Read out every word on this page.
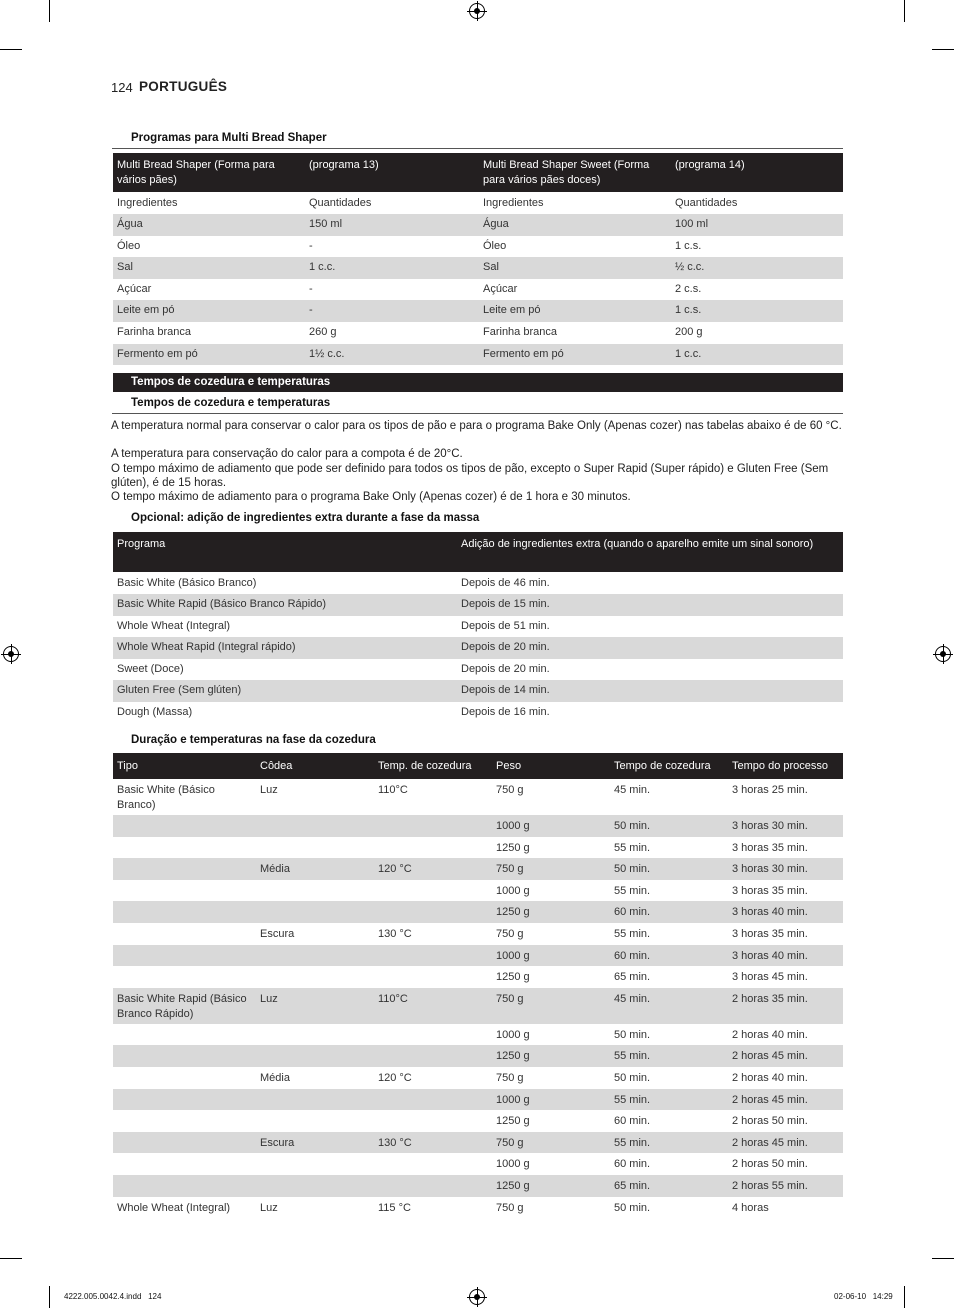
124 PORTUGUÊS
Programas para Multi Bread Shaper
Multi Bread Shaper (Forma para vários pães)	(programa 13)	Multi Bread Shaper Sweet (Forma para vários pães doces)	(programa 14)
Ingredientes	Quantidades	Ingredientes	Quantidades
Água	150 ml	Água	100 ml
Óleo	-	Óleo	1 c.s.
Sal	1 c.c.	Sal	½ c.c.
Açúcar	-	Açúcar	2 c.s.
Leite em pó	-	Leite em pó	1 c.s.
Farinha branca	260 g	Farinha branca	200 g
Fermento em pó	1½ c.c.	Fermento em pó	1 c.c.
Tempos de cozedura e temperaturas
Tempos de cozedura e temperaturas
A temperatura normal para conservar o calor para os tipos de pão e para o programa Bake Only (Apenas cozer) nas tabelas abaixo é de 60 °C.
A temperatura para conservação do calor para a compota é de 20°C.
O tempo máximo de adiamento que pode ser definido para todos os tipos de pão, excepto o Super Rapid (Super rápido) e Gluten Free (Sem glúten), é de 15 horas.
O tempo máximo de adiamento para o programa Bake Only (Apenas cozer) é de 1 hora e 30 minutos.
Opcional: adição de ingredientes extra durante a fase da massa
Programa	Adição de ingredientes extra (quando o aparelho emite um sinal sonoro)
Basic White (Básico Branco)	Depois de 46 min.
Basic White Rapid (Básico Branco Rápido)	Depois de 15 min.
Whole Wheat (Integral)	Depois de 51 min.
Whole Wheat Rapid (Integral rápido)	Depois de 20 min.
Sweet (Doce)	Depois de 20 min.
Gluten Free (Sem glúten)	Depois de 14 min.
Dough (Massa)	Depois de 16 min.
Duração e temperaturas na fase da cozedura
Tipo	Côdea	Temp. de cozedura	Peso	Tempo de cozedura	Tempo do processo
Basic White (Básico Branco)	Luz	110°C	750 g	45 min.	3 horas 25 min.
			1000 g	50 min.	3 horas 30 min.
			1250 g	55 min.	3 horas 35 min.
	Média	120 °C	750 g	50 min.	3 horas 30 min.
			1000 g	55 min.	3 horas 35 min.
			1250 g	60 min.	3 horas 40 min.
	Escura	130 °C	750 g	55 min.	3 horas 35 min.
			1000 g	60 min.	3 horas 40 min.
			1250 g	65 min.	3 horas 45 min.
Basic White Rapid (Básico Branco Rápido)	Luz	110°C	750 g	45 min.	2 horas 35 min.
			1000 g	50 min.	2 horas 40 min.
			1250 g	55 min.	2 horas 45 min.
	Média	120 °C	750 g	50 min.	2 horas 40 min.
			1000 g	55 min.	2 horas 45 min.
			1250 g	60 min.	2 horas 50 min.
	Escura	130 °C	750 g	55 min.	2 horas 45 min.
			1000 g	60 min.	2 horas 50 min.
			1250 g	65 min.	2 horas 55 min.
Whole Wheat (Integral)	Luz	115 °C	750 g	50 min.	4 horas
4222.005.0042.4.indd   124	02-06-10   14:29
